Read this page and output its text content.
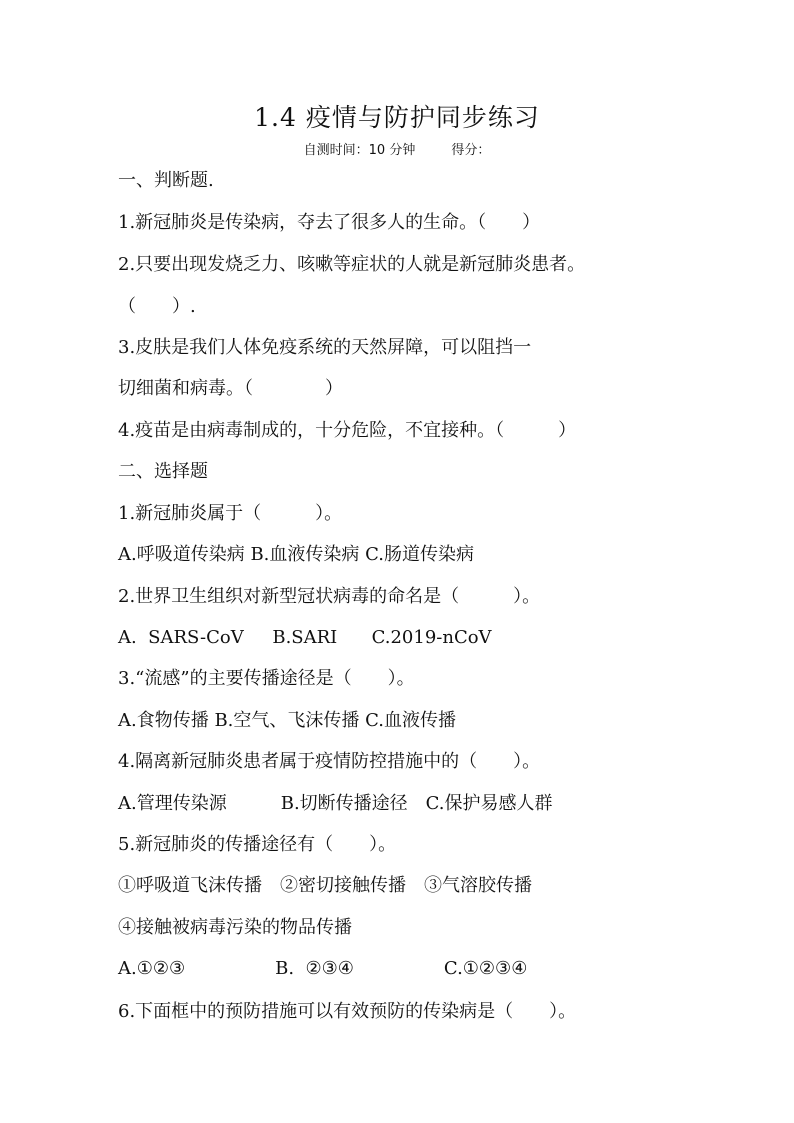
1.4 疫情与防护同步练习
自测时间：10 分钟	得分：
一、判断题.
1.新冠肺炎是传染病，夺去了很多人的生命。（　　）
2.只要出现发烧乏力、咳嗽等症状的人就是新冠肺炎患者。
（　　）.
3.皮肤是我们人体免疫系统的天然屏障，可以阻挡一
切细菌和病毒。（　　　　）
4.疫苗是由病毒制成的，十分危险，不宜接种。（　　　）
二、选择题
1.新冠肺炎属于（　　　）。
A.呼吸道传染病 B.血液传染病 C.肠道传染病
2.世界卫生组织对新型冠状病毒的命名是（　　　）。
A.  SARS-CoV     B.SARI      C.2019-nCoV
3.“流感”的主要传播途径是（　　）。
A.食物传播 B.空气、飞沫传播 C.血液传播
4.隔离新冠肺炎患者属于疫情防控措施中的（　　）。
A.管理传染源　　　B.切断传播途径　C.保护易感人群
5.新冠肺炎的传播途径有（　　）。
①呼吸道飞沫传播　②密切接触传播　③气溶胶传播
④接触被病毒污染的物品传播
A.①②③　　　　　B.  ②③④　　　　　C.①②③④
6.下面框中的预防措施可以有效预防的传染病是（　　）。
